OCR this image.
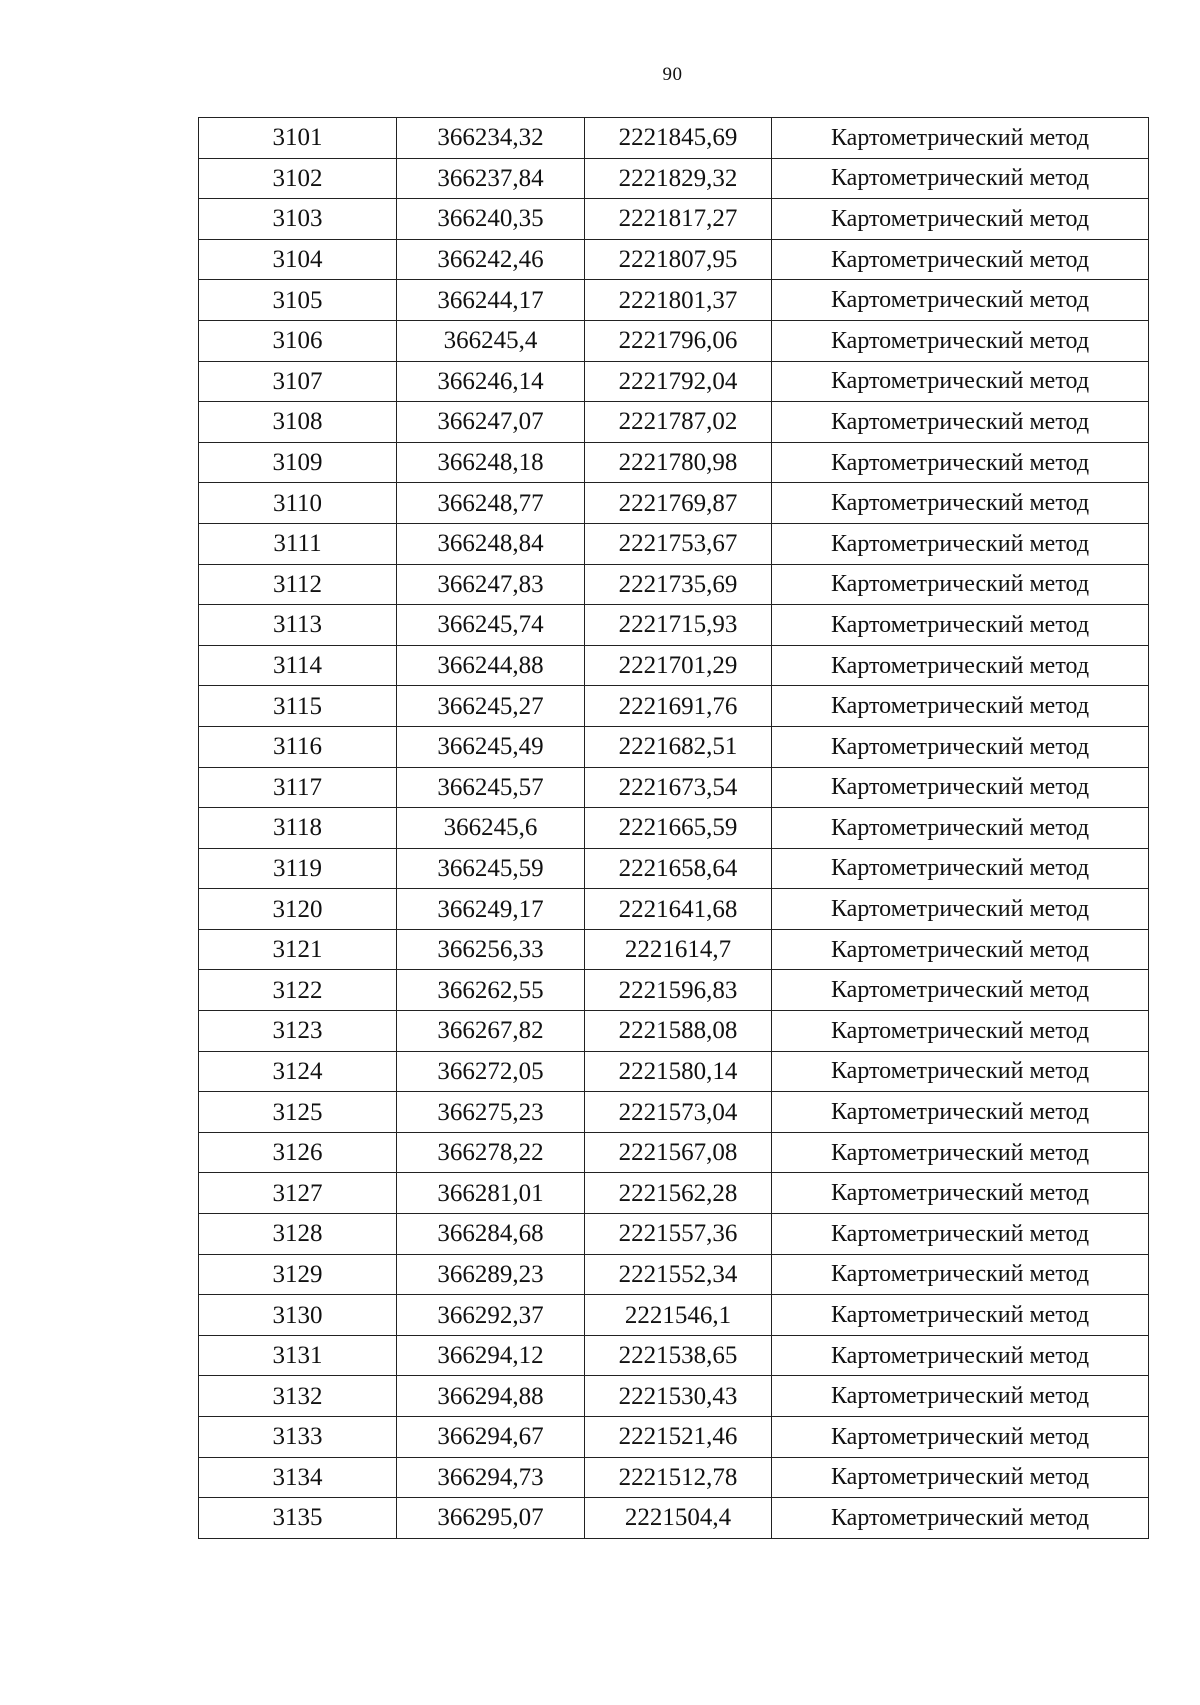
90
3101	366234,32	2221845,69	Картометрический метод
3102	366237,84	2221829,32	Картометрический метод
3103	366240,35	2221817,27	Картометрический метод
3104	366242,46	2221807,95	Картометрический метод
3105	366244,17	2221801,37	Картометрический метод
3106	366245,4	2221796,06	Картометрический метод
3107	366246,14	2221792,04	Картометрический метод
3108	366247,07	2221787,02	Картометрический метод
3109	366248,18	2221780,98	Картометрический метод
3110	366248,77	2221769,87	Картометрический метод
3111	366248,84	2221753,67	Картометрический метод
3112	366247,83	2221735,69	Картометрический метод
3113	366245,74	2221715,93	Картометрический метод
3114	366244,88	2221701,29	Картометрический метод
3115	366245,27	2221691,76	Картометрический метод
3116	366245,49	2221682,51	Картометрический метод
3117	366245,57	2221673,54	Картометрический метод
3118	366245,6	2221665,59	Картометрический метод
3119	366245,59	2221658,64	Картометрический метод
3120	366249,17	2221641,68	Картометрический метод
3121	366256,33	2221614,7	Картометрический метод
3122	366262,55	2221596,83	Картометрический метод
3123	366267,82	2221588,08	Картометрический метод
3124	366272,05	2221580,14	Картометрический метод
3125	366275,23	2221573,04	Картометрический метод
3126	366278,22	2221567,08	Картометрический метод
3127	366281,01	2221562,28	Картометрический метод
3128	366284,68	2221557,36	Картометрический метод
3129	366289,23	2221552,34	Картометрический метод
3130	366292,37	2221546,1	Картометрический метод
3131	366294,12	2221538,65	Картометрический метод
3132	366294,88	2221530,43	Картометрический метод
3133	366294,67	2221521,46	Картометрический метод
3134	366294,73	2221512,78	Картометрический метод
3135	366295,07	2221504,4	Картометрический метод
